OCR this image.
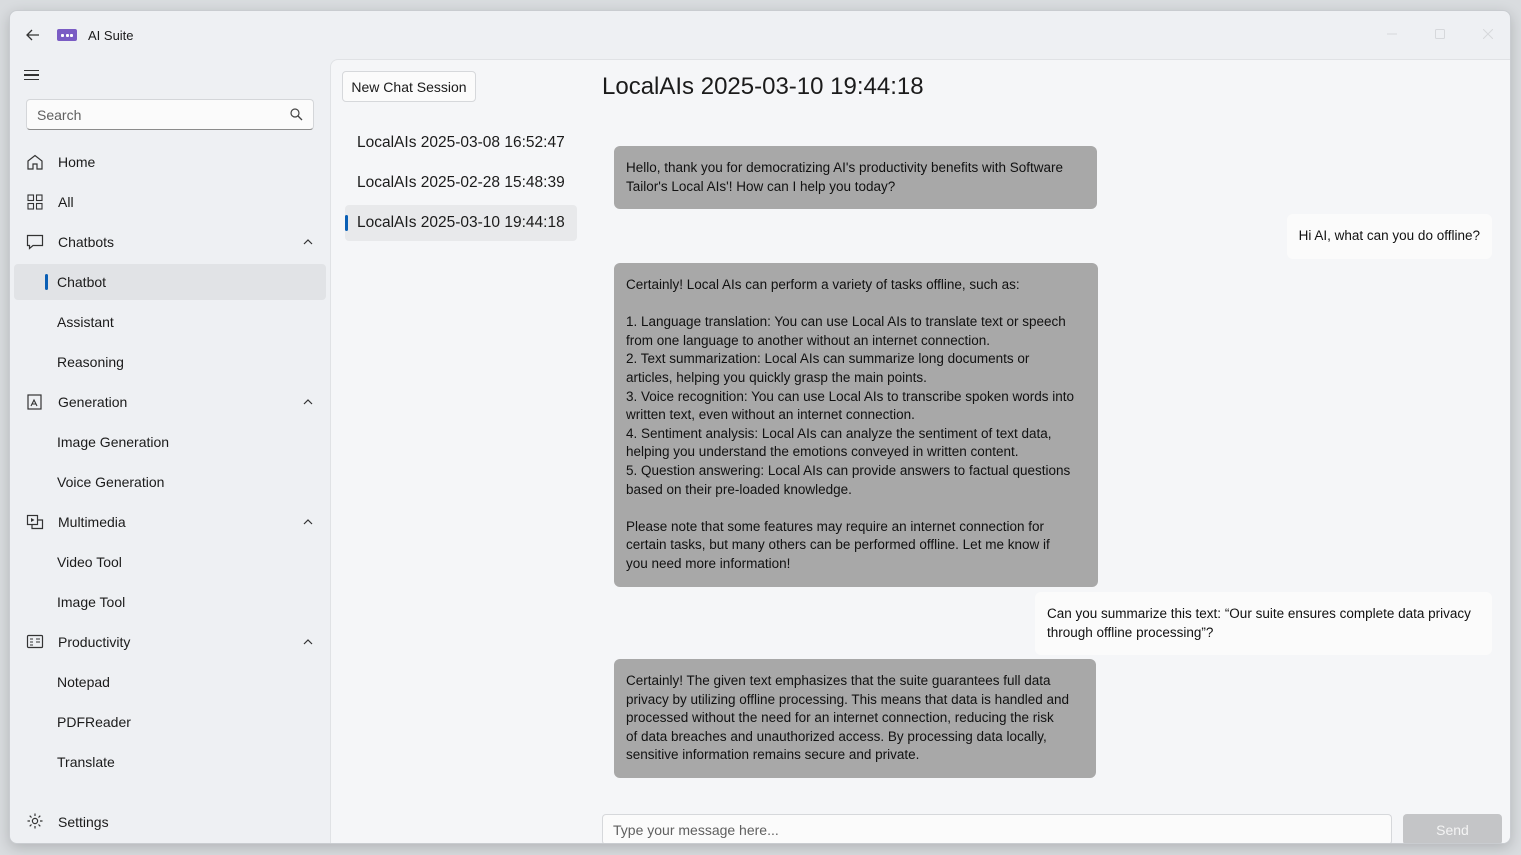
AI Suite
Search
Home
All
Chatbots
Chatbot
Assistant
Reasoning
Generation
Image Generation
Voice Generation
Multimedia
Video Tool
Image Tool
Productivity
Notepad
PDFReader
Translate
Settings
New Chat Session
LocalAIs 2025-03-08 16:52:47
LocalAIs 2025-02-28 15:48:39
LocalAIs 2025-03-10 19:44:18
LocalAIs 2025-03-10 19:44:18
Hello, thank you for democratizing AI's productivity benefits with Software
Tailor's Local AIs'! How can I help you today?
Hi AI, what can you do offline?
Certainly! Local AIs can perform a variety of tasks offline, such as:

1. Language translation: You can use Local AIs to translate text or speech
from one language to another without an internet connection.
2. Text summarization: Local AIs can summarize long documents or
articles, helping you quickly grasp the main points.
3. Voice recognition: You can use Local AIs to transcribe spoken words into
written text, even without an internet connection.
4. Sentiment analysis: Local AIs can analyze the sentiment of text data,
helping you understand the emotions conveyed in written content.
5. Question answering: Local AIs can provide answers to factual questions
based on their pre-loaded knowledge.

Please note that some features may require an internet connection for
certain tasks, but many others can be performed offline. Let me know if
you need more information!
Can you summarize this text: “Our suite ensures complete data privacy
through offline processing”?
Certainly! The given text emphasizes that the suite guarantees full data
privacy by utilizing offline processing. This means that data is handled and
processed without the need for an internet connection, reducing the risk
of data breaches and unauthorized access. By processing data locally,
sensitive information remains secure and private.
Type your message here...
Send
